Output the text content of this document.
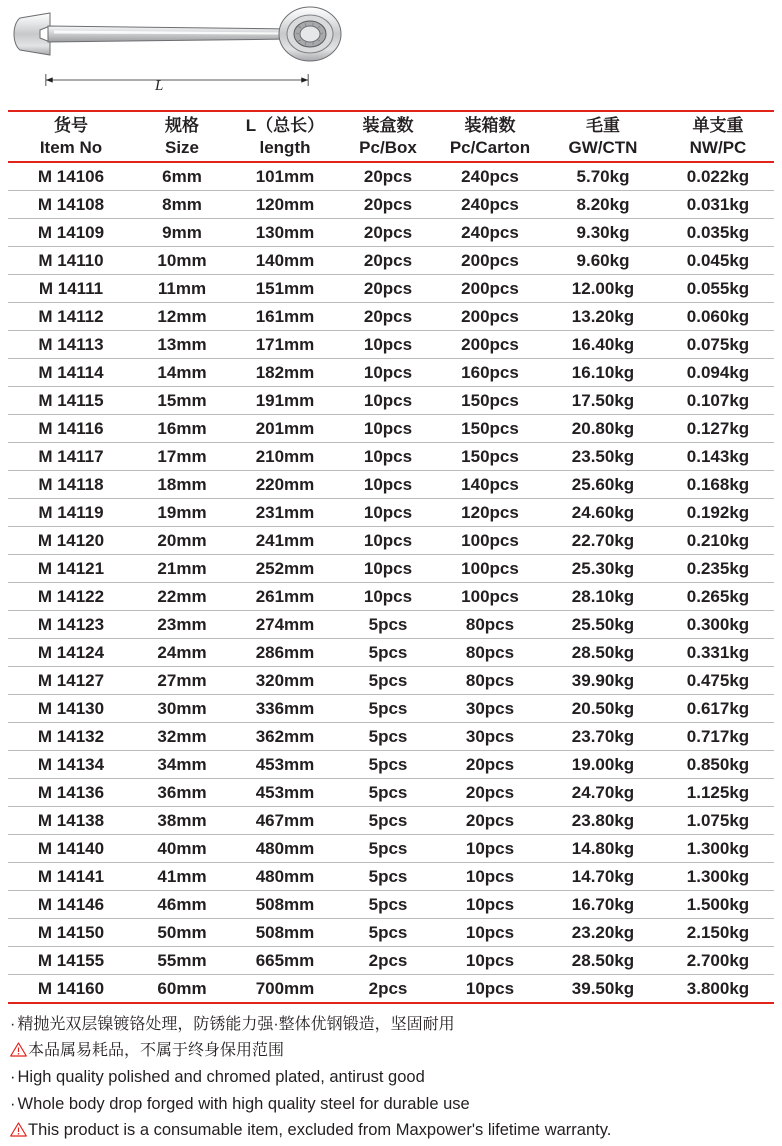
L

货号	规格	L（总长）	装盒数	装箱数	毛重	单支重
Item No	Size	length	Pc/Box	Pc/Carton	GW/CTN	NW/PC
M 14106	6mm	101mm	20pcs	240pcs	5.70kg	0.022kg
M 14108	8mm	120mm	20pcs	240pcs	8.20kg	0.031kg
M 14109	9mm	130mm	20pcs	240pcs	9.30kg	0.035kg
M 14110	10mm	140mm	20pcs	200pcs	9.60kg	0.045kg
M 14111	11mm	151mm	20pcs	200pcs	12.00kg	0.055kg
M 14112	12mm	161mm	20pcs	200pcs	13.20kg	0.060kg
M 14113	13mm	171mm	10pcs	200pcs	16.40kg	0.075kg
M 14114	14mm	182mm	10pcs	160pcs	16.10kg	0.094kg
M 14115	15mm	191mm	10pcs	150pcs	17.50kg	0.107kg
M 14116	16mm	201mm	10pcs	150pcs	20.80kg	0.127kg
M 14117	17mm	210mm	10pcs	150pcs	23.50kg	0.143kg
M 14118	18mm	220mm	10pcs	140pcs	25.60kg	0.168kg
M 14119	19mm	231mm	10pcs	120pcs	24.60kg	0.192kg
M 14120	20mm	241mm	10pcs	100pcs	22.70kg	0.210kg
M 14121	21mm	252mm	10pcs	100pcs	25.30kg	0.235kg
M 14122	22mm	261mm	10pcs	100pcs	28.10kg	0.265kg
M 14123	23mm	274mm	5pcs	80pcs	25.50kg	0.300kg
M 14124	24mm	286mm	5pcs	80pcs	28.50kg	0.331kg
M 14127	27mm	320mm	5pcs	80pcs	39.90kg	0.475kg
M 14130	30mm	336mm	5pcs	30pcs	20.50kg	0.617kg
M 14132	32mm	362mm	5pcs	30pcs	23.70kg	0.717kg
M 14134	34mm	453mm	5pcs	20pcs	19.00kg	0.850kg
M 14136	36mm	453mm	5pcs	20pcs	24.70kg	1.125kg
M 14138	38mm	467mm	5pcs	20pcs	23.80kg	1.075kg
M 14140	40mm	480mm	5pcs	10pcs	14.80kg	1.300kg
M 14141	41mm	480mm	5pcs	10pcs	14.70kg	1.300kg
M 14146	46mm	508mm	5pcs	10pcs	16.70kg	1.500kg
M 14150	50mm	508mm	5pcs	10pcs	23.20kg	2.150kg
M 14155	55mm	665mm	2pcs	10pcs	28.50kg	2.700kg
M 14160	60mm	700mm	2pcs	10pcs	39.50kg	3.800kg
· 精抛光双层镍镀铬处理，防锈能力强·整体优钢锻造，坚固耐用
本品属易耗品，不属于终身保用范围
· High quality polished and chromed plated, antirust good
· Whole body drop forged with high quality steel for durable use
This product is a consumable item, excluded from Maxpower's lifetime warranty.
